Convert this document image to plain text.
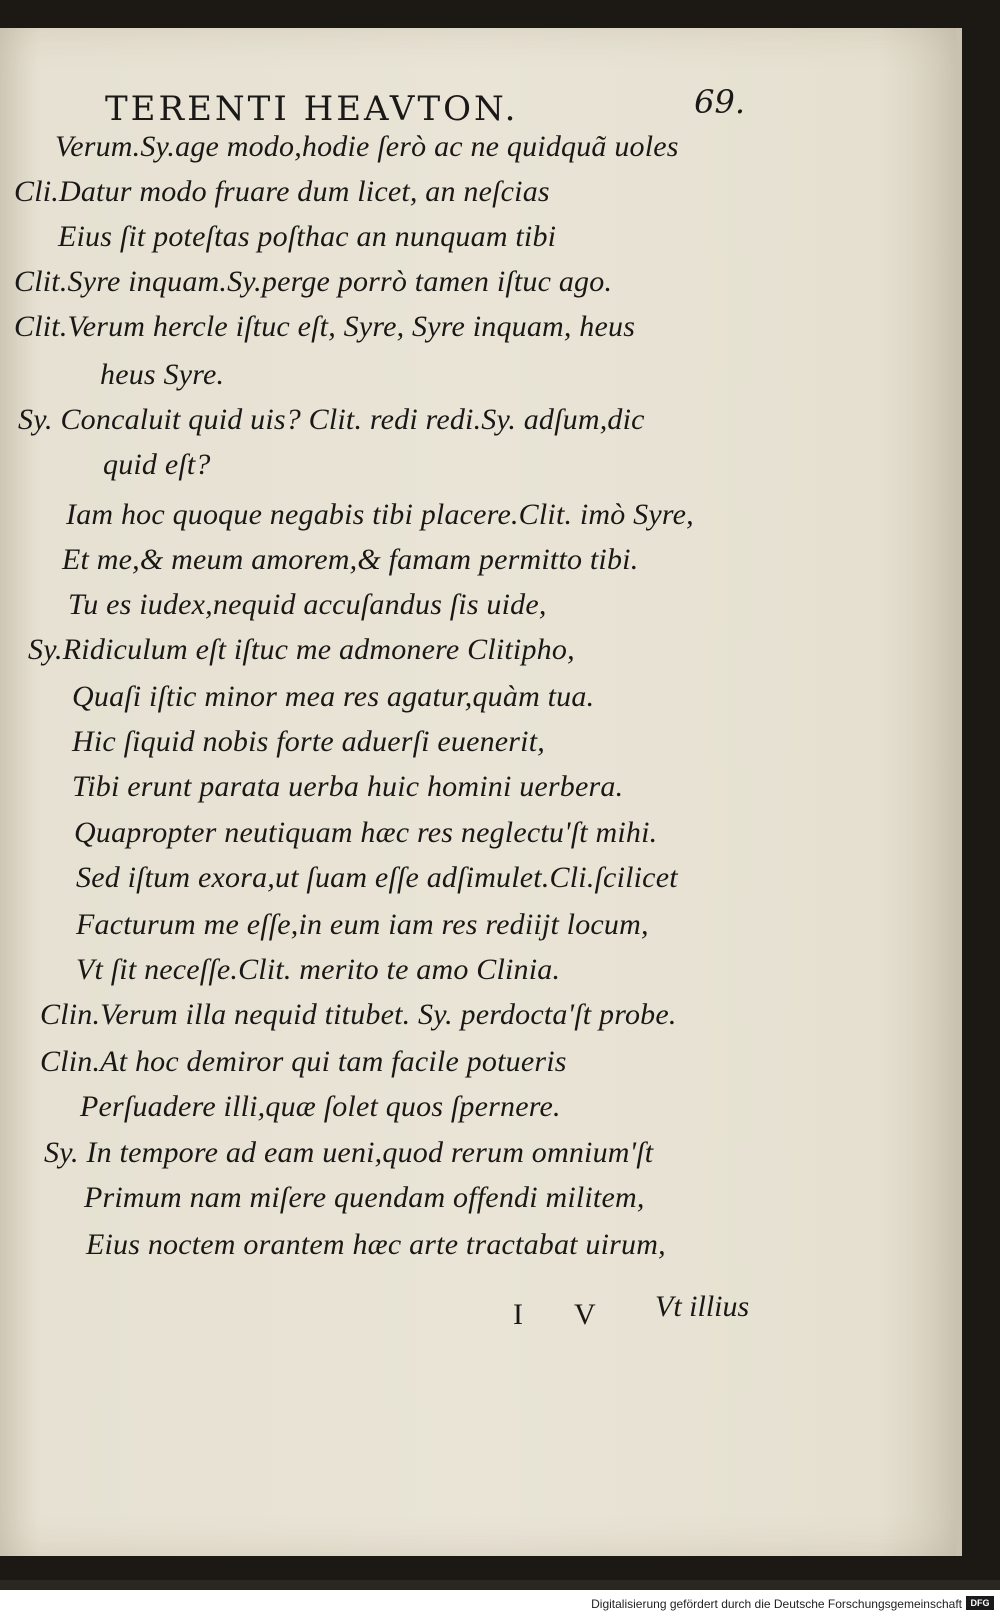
TERENTI HEAVTON.	69.
Verum.Sy.age modo,hodie ſerò ac ne quidquã uoles
Cli.Datur modo fruare dum licet, an neſcias
Eius ſit poteſtas poſthac an nunquam tibi
Clit.Syre inquam.Sy.perge porrò tamen iſtuc ago.
Clit.Verum hercle iſtuc eſt, Syre, Syre inquam, heus
heus Syre.
Sy. Concaluit quid uis? Clit. redi redi.Sy. adſum,dic
quid eſt?
Iam hoc quoque negabis tibi placere.Clit. imò Syre,
Et me,& meum amorem,& famam permitto tibi.
Tu es iudex,nequid accuſandus ſis uide,
Sy.Ridiculum eſt iſtuc me admonere Clitipho,
Quaſi iſtic minor mea res agatur,quàm tua.
Hic ſiquid nobis forte aduerſi euenerit,
Tibi erunt parata uerba huic homini uerbera.
Quapropter neutiquam hæc res neglectu'ſt mihi.
Sed iſtum exora,ut ſuam eſſe adſimulet.Cli.ſcilicet
Facturum me eſſe,in eum iam res rediijt locum,
Vt ſit neceſſe.Clit. merito te amo Clinia.
Clin.Verum illa nequid titubet. Sy. perdocta'ſt probe.
Clin.At hoc demiror qui tam facile potueris
Perſuadere illi,quæ ſolet quos ſpernere.
Sy. In tempore ad eam ueni,quod rerum omnium'ſt
Primum nam miſere quendam offendi militem,
Eius noctem orantem hæc arte tractabat uirum,
I V Vt illius
Digitalisierung gefördert durch die Deutsche Forschungsgemeinschaft DFG
